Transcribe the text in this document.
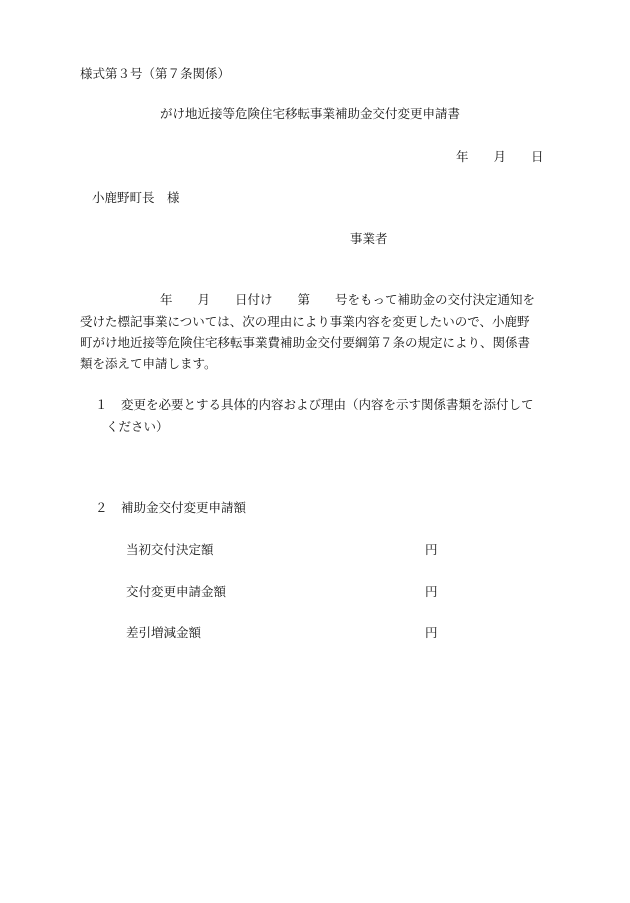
様式第３号（第７条関係）
がけ地近接等危険住宅移転事業補助金交付変更申請書
年　　月　　日
小鹿野町長　様
事業者
年　　月　　日付け　　第　　号をもって補助金の交付決定通知を
受けた標記事業については、次の理由により事業内容を変更したいので、小鹿野
町がけ地近接等危険住宅移転事業費補助金交付要綱第７条の規定により、関係書
類を添えて申請します。
１ 変更を必要とする具体的内容および理由（内容を示す関係書類を添付して
ください）
２ 補助金交付変更申請額
当初交付決定額	円
交付変更申請金額	円
差引増減金額	円
